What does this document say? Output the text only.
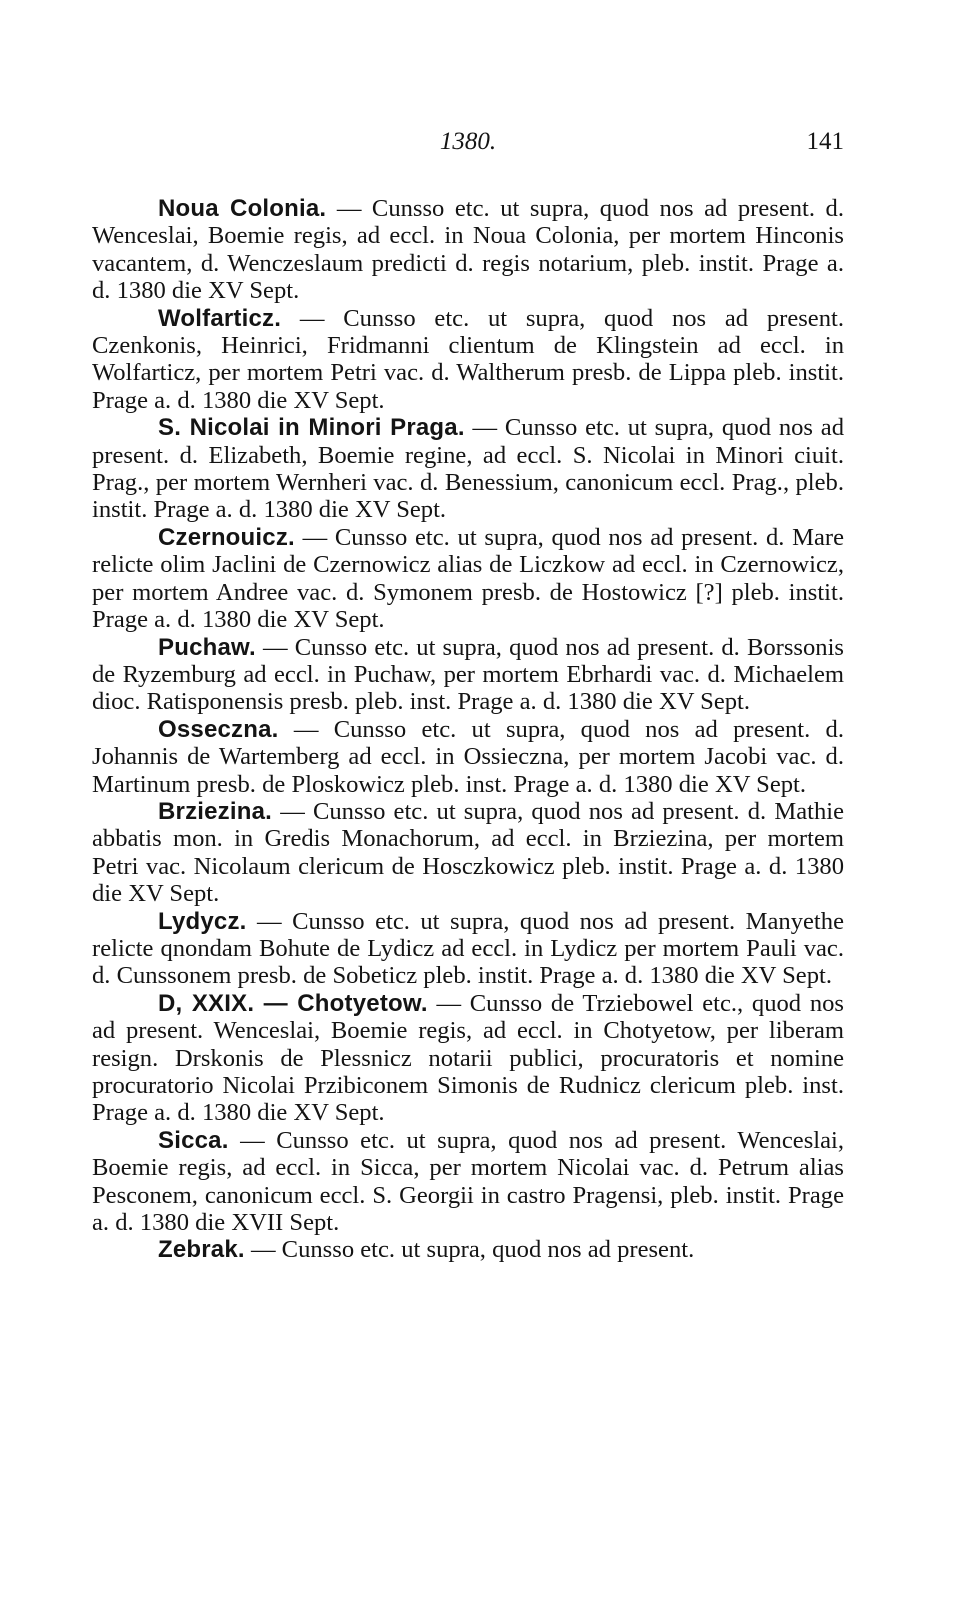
1380.	141

Noua Colonia. — Cunsso etc. ut supra, quod nos ad present. d. Wenceslai, Boemie regis, ad eccl. in Noua Colonia, per mortem Hinconis vacantem, d. Wenczeslaum predicti d. regis notarium, pleb. instit. Prage a. d. 1380 die XV Sept.

Wolfarticz. — Cunsso etc. ut supra, quod nos ad present. Czenkonis, Heinrici, Fridmanni clientum de Klingstein ad eccl. in Wolfarticz, per mortem Petri vac. d. Waltherum presb. de Lippa pleb. instit. Prage a. d. 1380 die XV Sept.

S. Nicolai in Minori Praga. — Cunsso etc. ut supra, quod nos ad present. d. Elizabeth, Boemie regine, ad eccl. S. Nicolai in Minori ciuit. Prag., per mortem Wernheri vac. d. Benessium, canonicum eccl. Prag., pleb. instit. Prage a. d. 1380 die XV Sept.

Czernouicz. — Cunsso etc. ut supra, quod nos ad present. d. Mare relicte olim Jaclini de Czernowicz alias de Liczkow ad eccl. in Czernowicz, per mortem Andree vac. d. Symonem presb. de Hostowicz [?] pleb. instit. Prage a. d. 1380 die XV Sept.

Puchaw. — Cunsso etc. ut supra, quod nos ad present. d. Borssonis de Ryzemburg ad eccl. in Puchaw, per mortem Ebrhardi vac. d. Michaelem dioc. Ratisponensis presb. pleb. inst. Prage a. d. 1380 die XV Sept.

Osseczna. — Cunsso etc. ut supra, quod nos ad present. d. Johannis de Wartemberg ad eccl. in Ossieczna, per mortem Jacobi vac. d. Martinum presb. de Ploskowicz pleb. inst. Prage a. d. 1380 die XV Sept.

Brziezina. — Cunsso etc. ut supra, quod nos ad present. d. Mathie abbatis mon. in Gredis Monachorum, ad eccl. in Brziezina, per mortem Petri vac. Nicolaum clericum de Hosczkowicz pleb. instit. Prage a. d. 1380 die XV Sept.

Lydycz. — Cunsso etc. ut supra, quod nos ad present. Manyethe relicte qnondam Bohute de Lydicz ad eccl. in Lydicz per mortem Pauli vac. d. Cunssonem presb. de Sobeticz pleb. instit. Prage a. d. 1380 die XV Sept.

D, XXIX. — Chotyetow. — Cunsso de Trziebowel etc., quod nos ad present. Wenceslai, Boemie regis, ad eccl. in Chotyetow, per liberam resign. Drskonis de Plessnicz notarii publici, procuratoris et nomine procuratorio Nicolai Przibiconem Simonis de Rudnicz clericum pleb. inst. Prage a. d. 1380 die XV Sept.

Sicca. — Cunsso etc. ut supra, quod nos ad present. Wenceslai, Boemie regis, ad eccl. in Sicca, per mortem Nicolai vac. d. Petrum alias Pesconem, canonicum eccl. S. Georgii in castro Pragensi, pleb. instit. Prage a. d. 1380 die XVII Sept.

Zebrak. — Cunsso etc. ut supra, quod nos ad present.
